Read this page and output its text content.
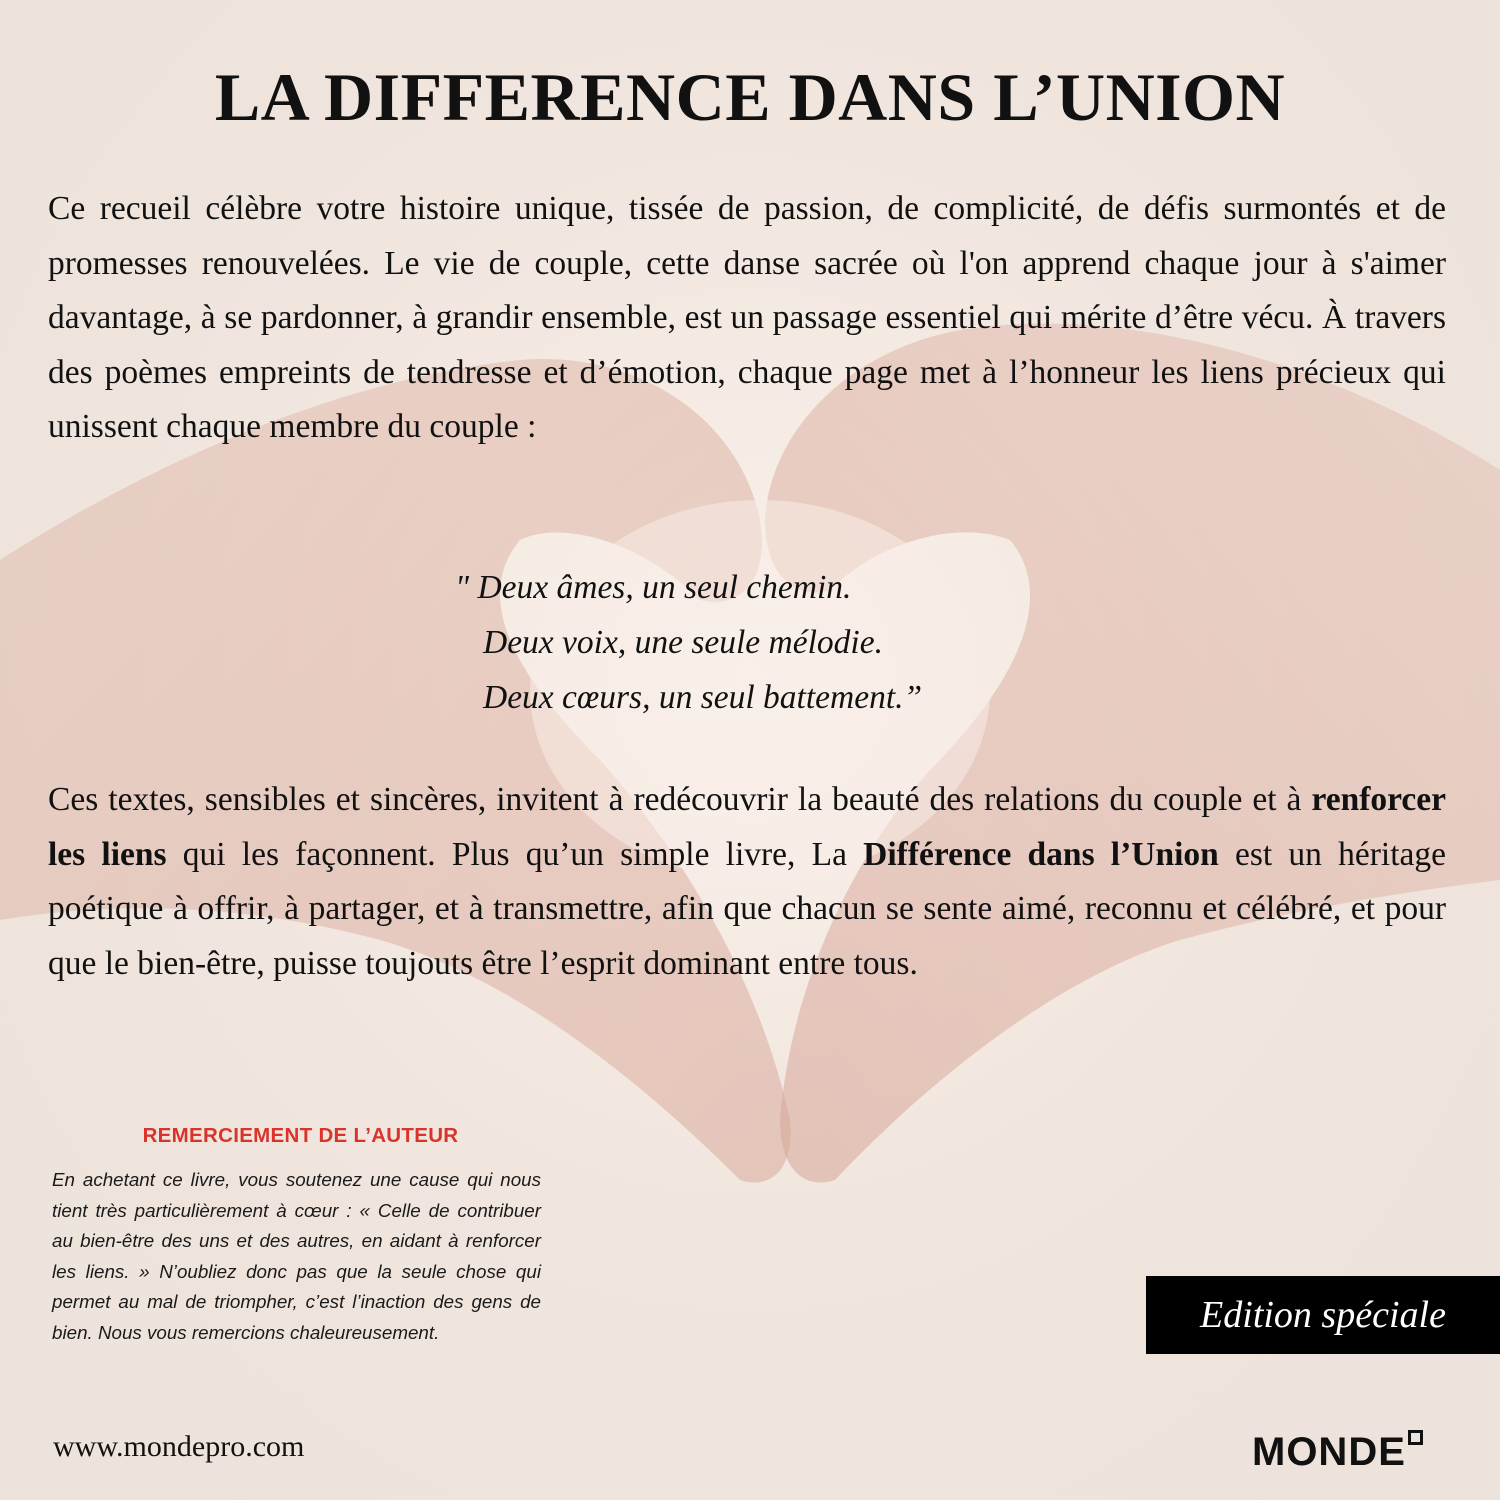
LA DIFFERENCE DANS L’UNION

Ce recueil célèbre votre histoire unique, tissée de passion, de complicité, de défis surmontés et de promesses renouvelées. Le vie de couple, cette danse sacrée où l'on apprend chaque jour à s'aimer davantage, à se pardonner, à grandir ensemble, est un passage essentiel qui mérite d’être vécu. À travers des poèmes empreints de tendresse et d’émotion, chaque page met à l’honneur les liens précieux qui unissent chaque membre du couple :

" Deux âmes, un seul chemin.
Deux voix, une seule mélodie.
Deux cœurs, un seul battement.”

Ces textes, sensibles et sincères, invitent à redécouvrir la beauté des relations du couple et à renforcer les liens qui les façonnent. Plus qu’un simple livre, La Différence dans l’Union est un héritage poétique à offrir, à partager, et à transmettre, afin que chacun se sente aimé, reconnu et célébré, et pour que le bien-être, puisse toujouts être l’esprit dominant entre tous.

REMERCIEMENT DE L’AUTEUR

En achetant ce livre, vous soutenez une cause qui nous tient très particulièrement à cœur : « Celle de contribuer au bien-être des uns et des autres, en aidant à renforcer les liens. » N’oubliez donc pas que la seule chose qui permet au mal de triompher, c’est l’inaction des gens de bien. Nous vous remercions chaleureusement.	Edition spéciale
www.mondepro.com	MONDE
